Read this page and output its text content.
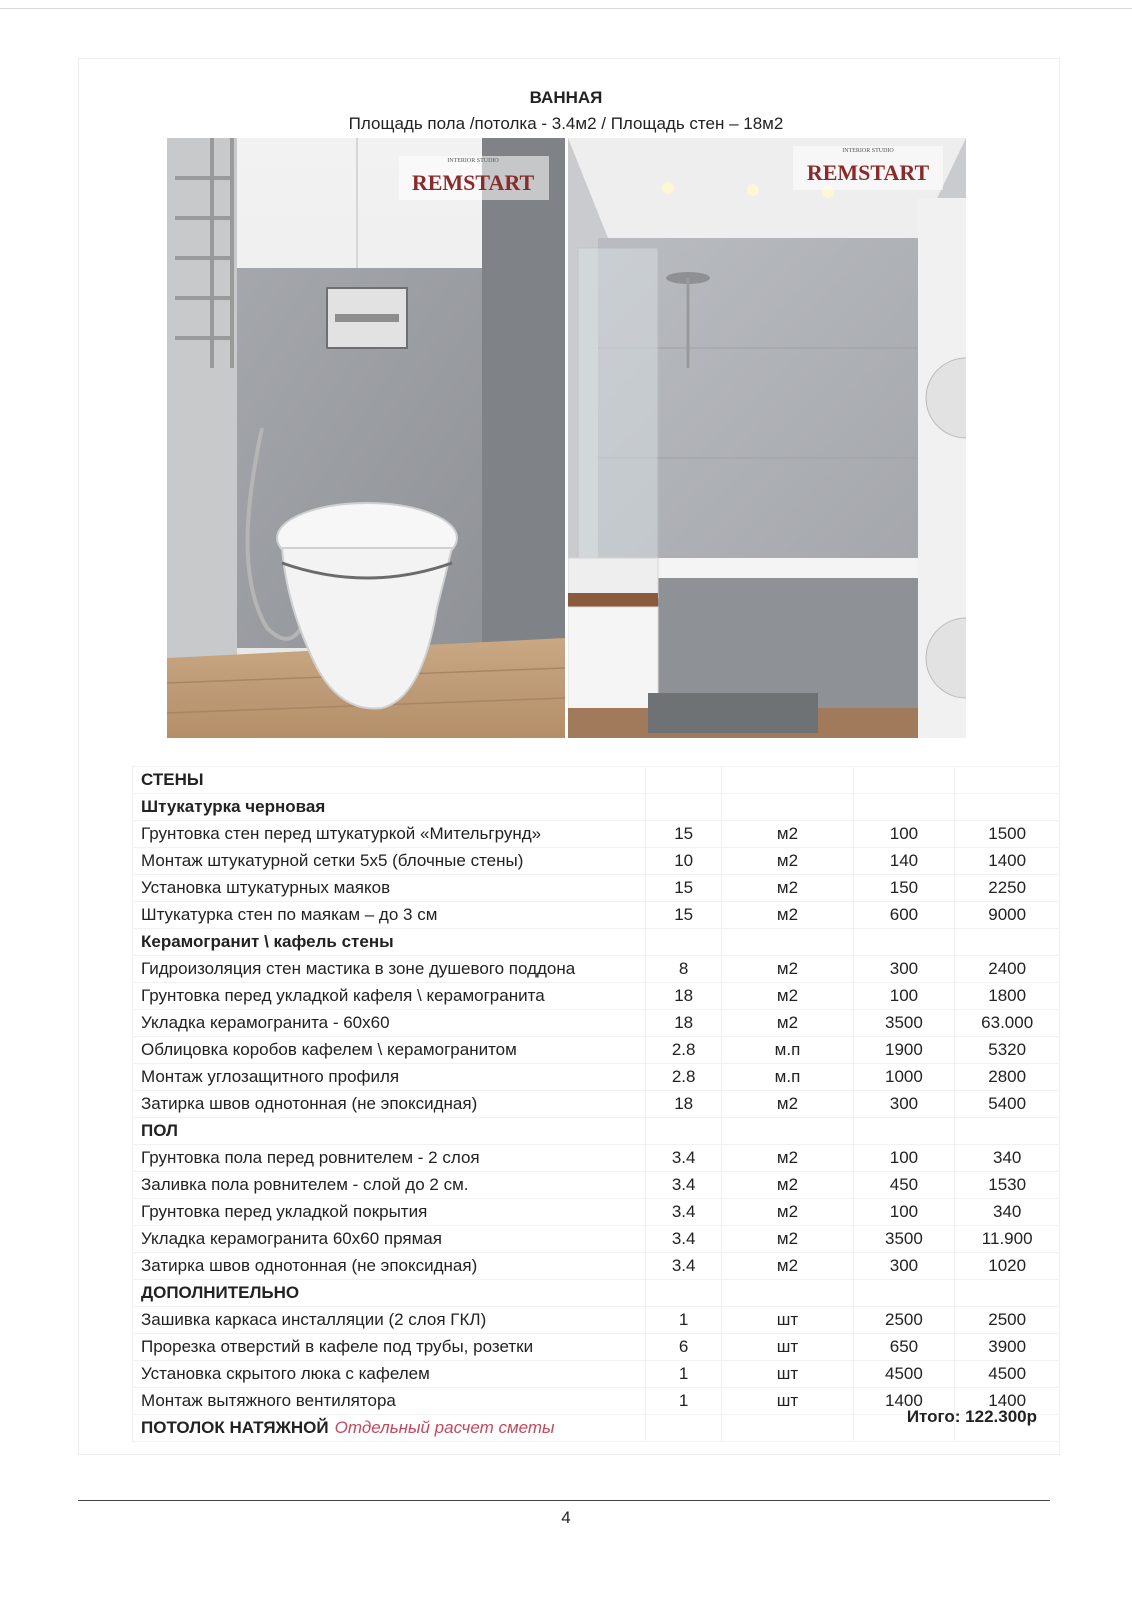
ВАННАЯ
Площадь пола /потолка - 3.4м2 / Площадь стен – 18м2
INTERIOR STUDIO
REMSTART
INTERIOR STUDIO
REMSTART
СТЕНЫ				
Штукатурка черновая				
Грунтовка стен перед штукатуркой «Мительгрунд»	15	м2	100	1500
Монтаж штукатурной сетки 5х5 (блочные стены)	10	м2	140	1400
Установка штукатурных маяков	15	м2	150	2250
Штукатурка стен по маякам – до 3 см	15	м2	600	9000
Керамогранит \ кафель стены				
Гидроизоляция стен мастика в зоне душевого поддона	8	м2	300	2400
Грунтовка перед укладкой кафеля \ керамогранита	18	м2	100	1800
Укладка керамогранита - 60х60	18	м2	3500	63.000
Облицовка коробов кафелем \ керамогранитом	2.8	м.п	1900	5320
Монтаж углозащитного профиля	2.8	м.п	1000	2800
Затирка швов однотонная (не эпоксидная)	18	м2	300	5400
ПОЛ				
Грунтовка пола перед ровнителем - 2 слоя	3.4	м2	100	340
Заливка пола ровнителем - слой до 2 см.	3.4	м2	450	1530
Грунтовка перед укладкой покрытия	3.4	м2	100	340
Укладка керамогранита 60х60 прямая	3.4	м2	3500	11.900
Затирка швов однотонная (не эпоксидная)	3.4	м2	300	1020
ДОПОЛНИТЕЛЬНО				
Зашивка каркаса инсталляции (2 слоя ГКЛ)	1	шт	2500	2500
Прорезка отверстий в кафеле под трубы, розетки	6	шт	650	3900
Установка скрытого люка с кафелем	1	шт	4500	4500
Монтаж вытяжного вентилятора	1	шт	1400	1400
ПОТОЛОК НАТЯЖНОЙ Отдельный расчет сметы				
Итого: 122.300р
4
